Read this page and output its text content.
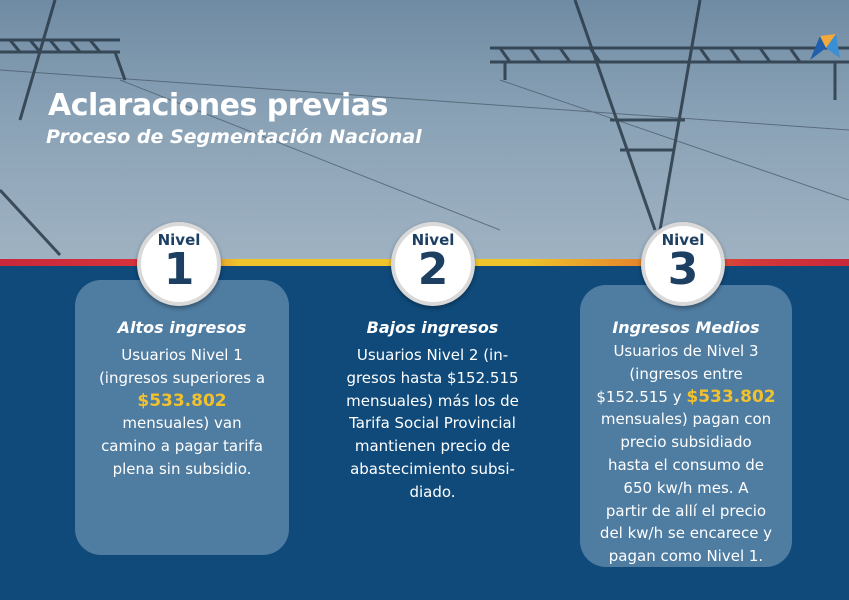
Aclaraciones previas
Proceso de Segmentación Nacional
Nivel
1
Nivel
2
Nivel
3

Altos ingresos

Usuarios Nivel 1
(ingresos superiores a
$533.802
mensuales) van
camino a pagar tarifa
plena sin subsidio.

Bajos ingresos

Usuarios Nivel 2 (in-
gresos hasta $152.515
mensuales) más los de
Tarifa Social Provincial
mantienen precio de
abastecimiento subsi-
diado.

Ingresos Medios

Usuarios de Nivel 3
(ingresos entre
$152.515 y $533.802
mensuales) pagan con
precio subsidiado
hasta el consumo de
650 kw/h mes. A
partir de allí el precio
del kw/h se encarece y
pagan como Nivel 1.
